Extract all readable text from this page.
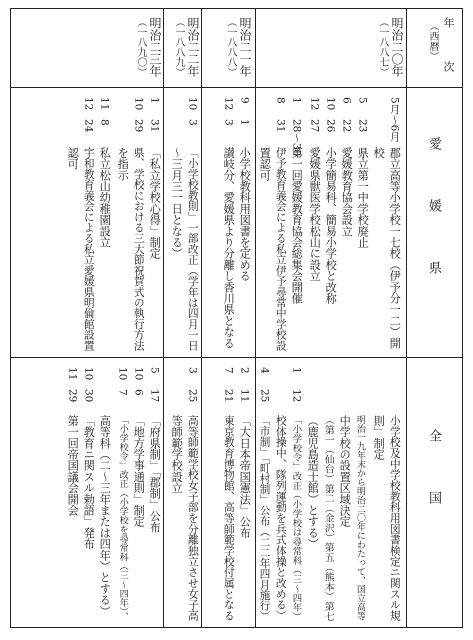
年
（西暦）
次
明治二〇年
（一八八七）
明治二一年
（一八八八）
明治二二年
（一八八九）
明治二三年
（一八九〇）
愛　媛　県
全　国
5月〜6月
郡立高等小学校一七校（伊予分一二）開
校
5
23
県立第一中学校廃止
6
22
愛媛教育協会設立
10
26
小学簡易科、簡易小学校と改称
12
27
愛媛県獣医学校松山に設立
1
28〜30
第一回愛媛教育協会総集会開催
8
31
伊予教育義会による私立伊予尋常中学校設
置認可
9
1
小学校教科用図書を定める
12
3
讃岐分、愛媛県より分離し香川県となる
10
3
「小学校教則」一部改正（学年は四月一日
〜三月三一日となる）
1
31
「私立学校心得」制定
10
29
県、学校における三大節祝賀式の執行方法
を指示
11
8
私立松山幼稚園設立
12
24
宇和教育義会による私立愛媛県明倫館設置
認可
小学校及中学校教科用図書検定ニ関スル規
則」制定
明治一九年末から明治二〇年にわたって、国立高等
中学校の設置区域決定
（第一（仙台）第二（金沢）第五（熊本）第七
（鹿児島造士館）とする）
1
12
「小学校令」改正（小学校は尋常科（三〜四年）
校体操中、隊列運動を兵式体操と改める）
4
25
「市制」「町村制」公布（二二年四月施行）
2
11
「大日本帝国憲法」公布
7
21
東京教育博物館、高等師範学校付属となる
3
25
高等師範学校女子部を分離独立させ女子高
等師範学校設立
5
17
「府県制」「郡制」公布
10
6
「地方学事通則」制定
10
7
「小学校令」改正（小学校を尋常科（三〜四年）、
高等科（二〜三年または四年）とする）
10
30
「教育ニ関スル勅語」発布
11
29
第一回帝国議会開会
